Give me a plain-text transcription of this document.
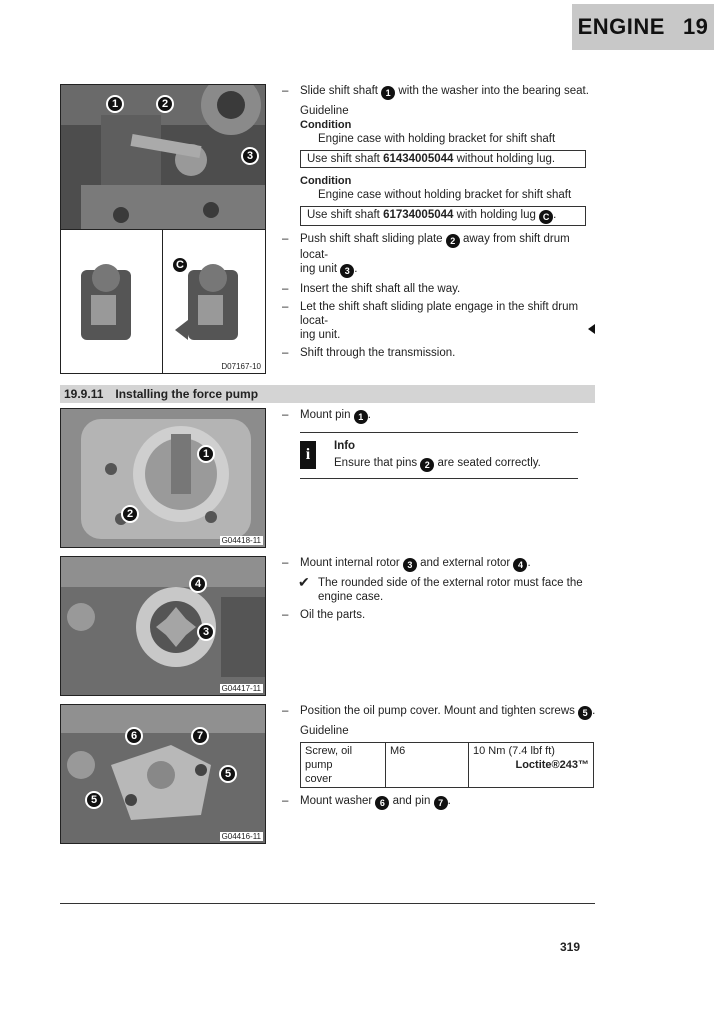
ENGINE 19
1	2
3
C
D07167-10
– Slide shift shaft 1 with the washer into the bearing seat.
Guideline
Condition
Engine case with holding bracket for shift shaft
Use shift shaft 61434005044 without holding lug.
Condition
Engine case without holding bracket for shift shaft
Use shift shaft 61734005044 with holding lug C .
– Push shift shaft sliding plate 2 away from shift drum locat-
ing unit 3 .
– Insert the shift shaft all the way.
– Let the shift shaft sliding plate engage in the shift drum locat-
ing unit.
– Shift through the transmission.
19.9.11 Installing the force pump
1
2
G04418-11
– Mount pin 1 .
i	Info
Ensure that pins 2 are seated correctly.
4
3
G04417-11
– Mount internal rotor 3 and external rotor 4 .
✔ The rounded side of the external rotor must face the
engine case.
– Oil the parts.
6	7
5
5
G04416-11
– Position the oil pump cover. Mount and tighten screws 5 .
Guideline
Screw, oil pump
cover	M6	10 Nm (7.4 lbf ft)

Loctite®243™
– Mount washer 6 and pin 7 .
319
